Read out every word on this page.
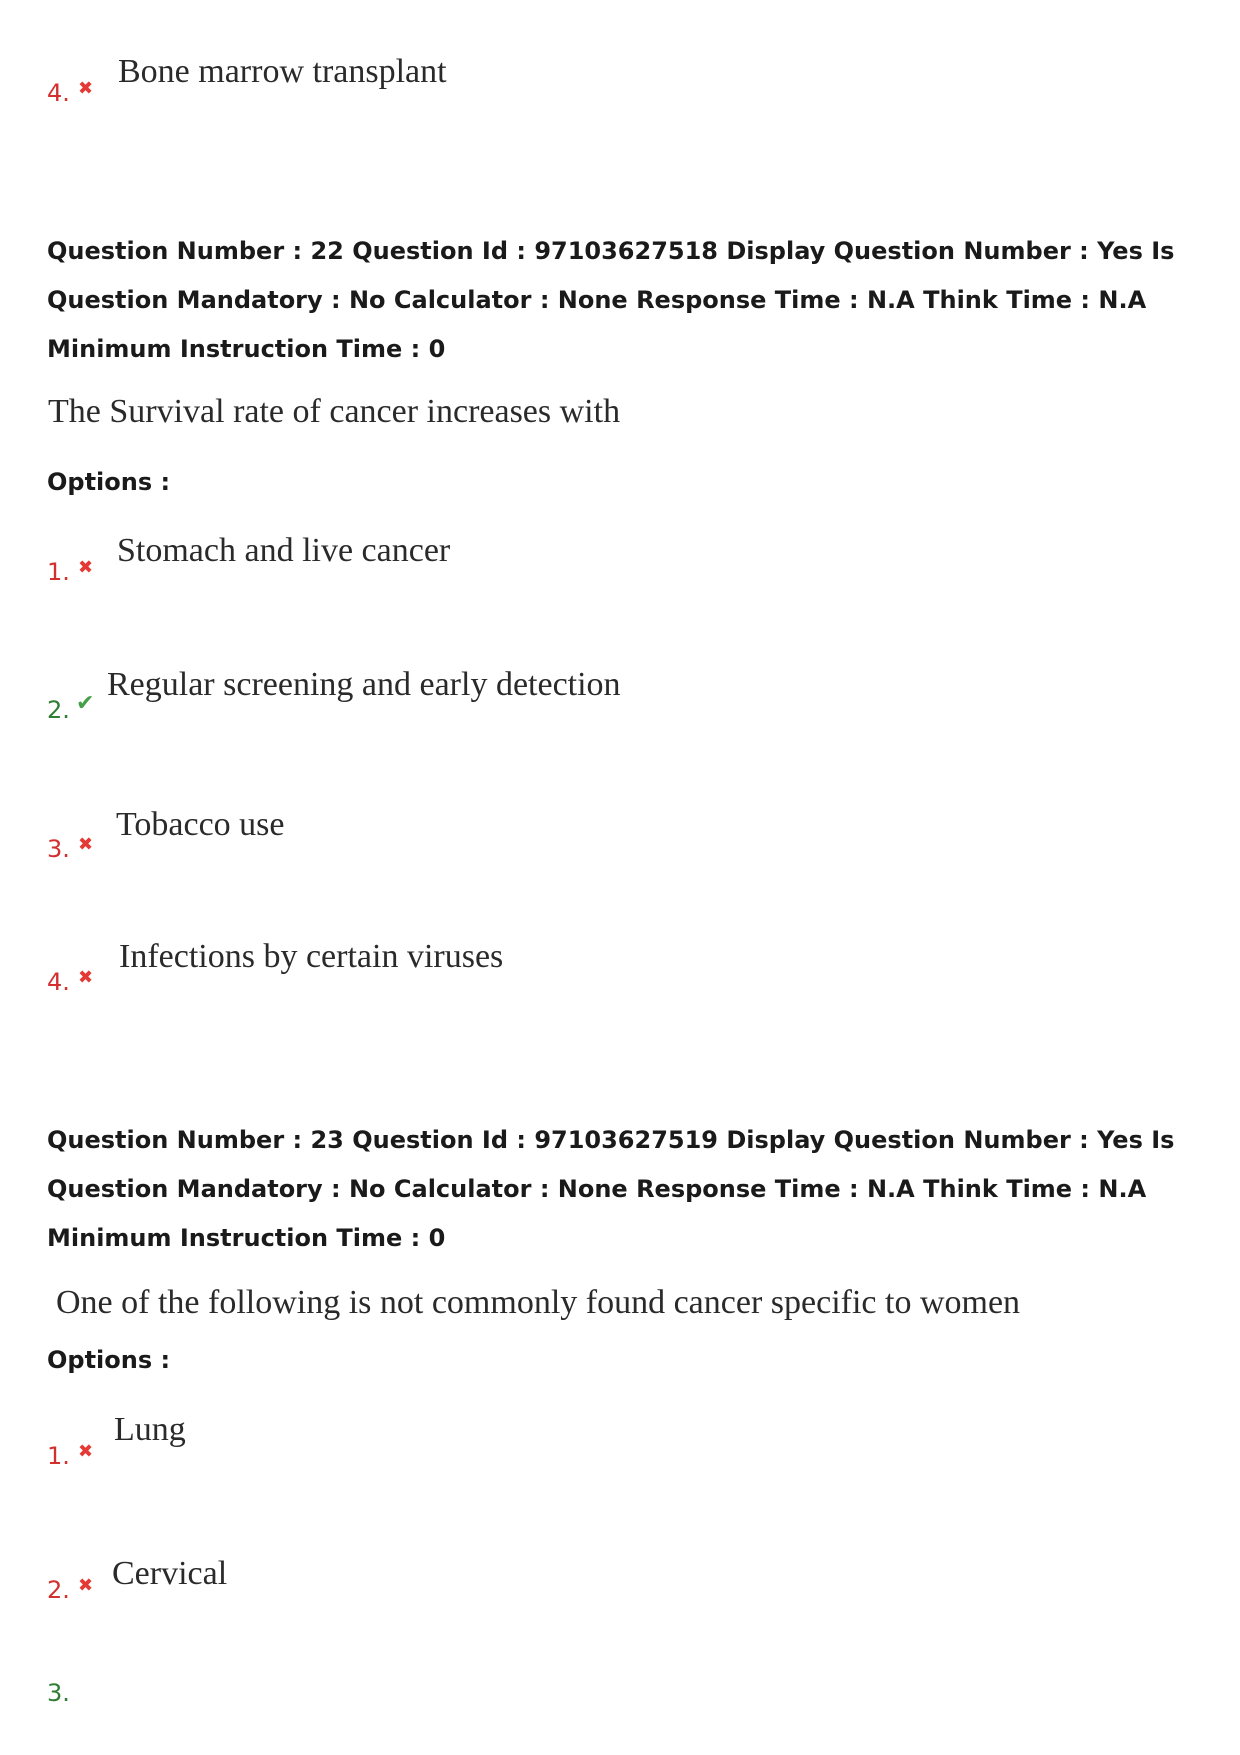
4. ✖ Bone marrow transplant

Question Number : 22 Question Id : 97103627518 Display Question Number : Yes Is Question Mandatory : No Calculator : None Response Time : N.A Think Time : N.A Minimum Instruction Time : 0

The Survival rate of cancer increases with
Options :
1. ✖ Stomach and live cancer
2. ✔
Regular screening and early detection
3. ✖
Tobacco use
4. ✖
Infections by certain viruses

Question Number : 23 Question Id : 97103627519 Display Question Number : Yes Is Question Mandatory : No Calculator : None Response Time : N.A Think Time : N.A Minimum Instruction Time : 0

One of the following is not commonly found cancer specific to women
Options :
1. ✖
Lung
2. ✖ Cervical
3.
